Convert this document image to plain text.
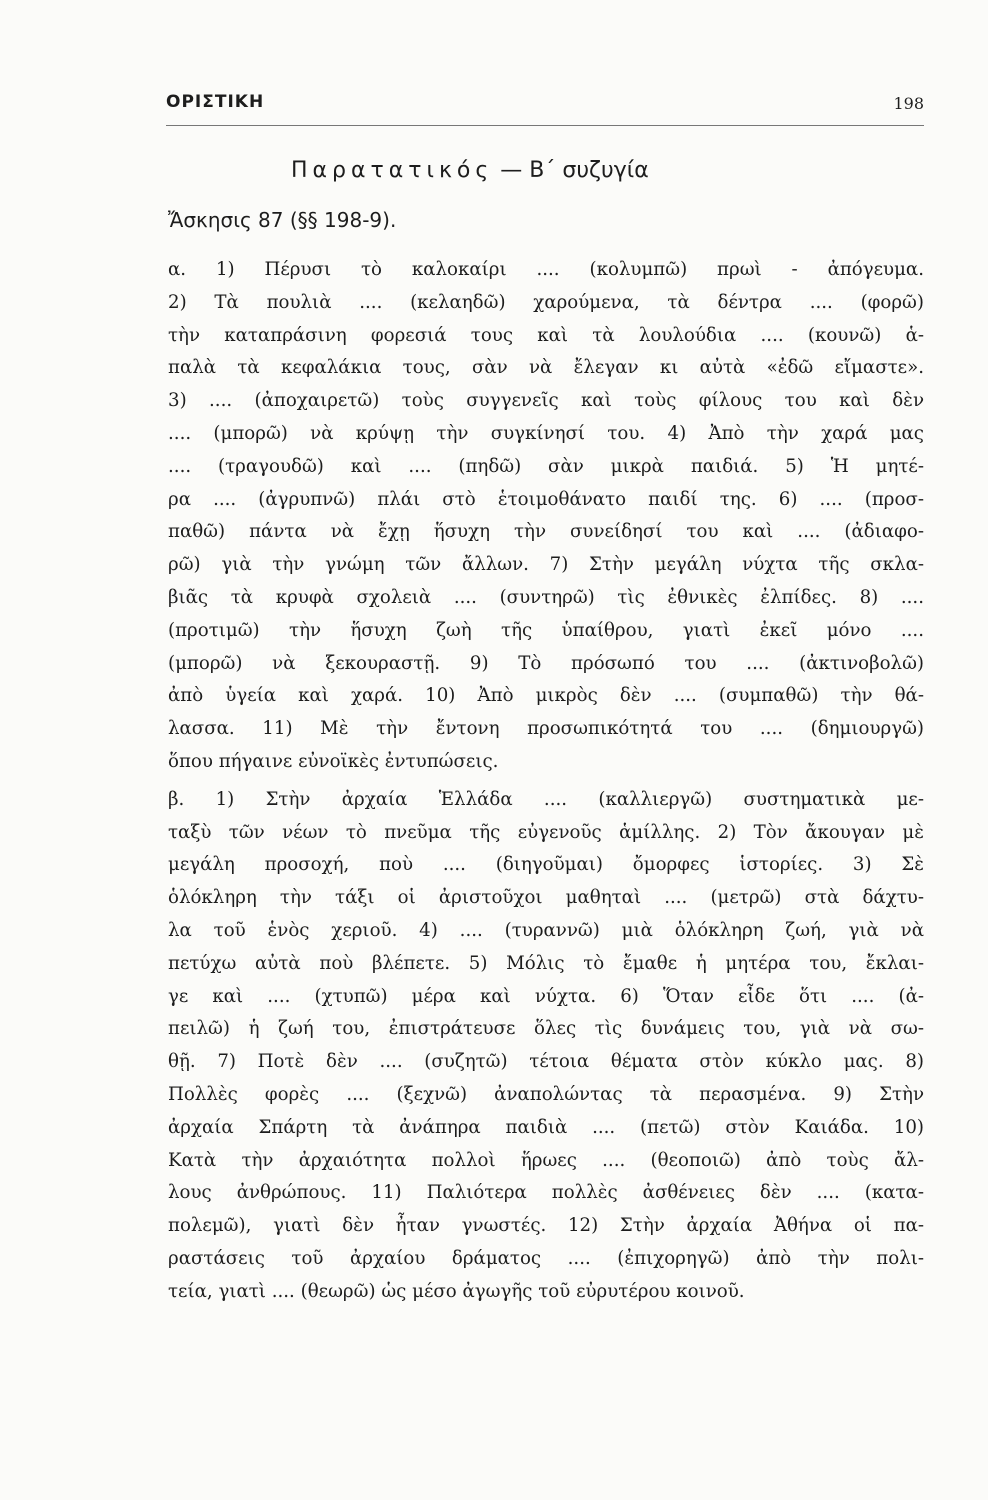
ΟΡΙΣΤΙΚΗ	198
Παρατατικός — Β΄ συζυγία
Ἄσκησις 87 (§§ 198-9).
α. 1) Πέρυσι τὸ καλοκαίρι .... (κολυμπῶ) πρωὶ - ἀπόγευμα.
2) Τὰ πουλιὰ .... (κελαηδῶ) χαρούμενα, τὰ δέντρα .... (φορῶ)
τὴν καταπράσινη φορεσιά τους καὶ τὰ λουλούδια .... (κουνῶ) ἁ-
παλὰ τὰ κεφαλάκια τους, σὰν νὰ ἔλεγαν κι αὐτὰ «ἐδῶ εἴμαστε».
3) .... (ἀποχαιρετῶ) τοὺς συγγενεῖς καὶ τοὺς φίλους του καὶ δὲν
.... (μπορῶ) νὰ κρύψῃ τὴν συγκίνησί του. 4) Ἀπὸ τὴν χαρά μας
.... (τραγουδῶ) καὶ .... (πηδῶ) σὰν μικρὰ παιδιά. 5) Ἡ μητέ-
ρα .... (ἀγρυπνῶ) πλάι στὸ ἑτοιμοθάνατο παιδί της. 6) .... (προσ-
παθῶ) πάντα νὰ ἔχῃ ἥσυχη τὴν συνείδησί του καὶ .... (ἀδιαφο-
ρῶ) γιὰ τὴν γνώμη τῶν ἄλλων. 7) Στὴν μεγάλη νύχτα τῆς σκλα-
βιᾶς τὰ κρυφὰ σχολειὰ .... (συντηρῶ) τὶς ἐθνικὲς ἐλπίδες. 8) ....
(προτιμῶ) τὴν ἥσυχη ζωὴ τῆς ὑπαίθρου, γιατὶ ἐκεῖ μόνο ....
(μπορῶ) νὰ ξεκουραστῇ. 9) Τὸ πρόσωπό του .... (ἀκτινοβολῶ)
ἀπὸ ὑγεία καὶ χαρά. 10) Ἀπὸ μικρὸς δὲν .... (συμπαθῶ) τὴν θά-
λασσα. 11) Μὲ τὴν ἔντονη προσωπικότητά του .... (δημιουργῶ)
ὅπου πήγαινε εὐνοϊκὲς ἐντυπώσεις.
β. 1) Στὴν ἀρχαία Ἑλλάδα .... (καλλιεργῶ) συστηματικὰ με-
ταξὺ τῶν νέων τὸ πνεῦμα τῆς εὐγενοῦς ἁμίλλης. 2) Τὸν ἄκουγαν μὲ
μεγάλη προσοχή, ποὺ .... (διηγοῦμαι) ὄμορφες ἱστορίες. 3) Σὲ
ὁλόκληρη τὴν τάξι οἱ ἀριστοῦχοι μαθηταὶ .... (μετρῶ) στὰ δάχτυ-
λα τοῦ ἑνὸς χεριοῦ. 4) .... (τυραννῶ) μιὰ ὁλόκληρη ζωή, γιὰ νὰ
πετύχω αὐτὰ ποὺ βλέπετε. 5) Μόλις τὸ ἔμαθε ἡ μητέρα του, ἔκλαι-
γε καὶ .... (χτυπῶ) μέρα καὶ νύχτα. 6) Ὅταν εἶδε ὅτι .... (ἀ-
πειλῶ) ἡ ζωή του, ἐπιστράτευσε ὅλες τὶς δυνάμεις του, γιὰ νὰ σω-
θῇ. 7) Ποτὲ δὲν .... (συζητῶ) τέτοια θέματα στὸν κύκλο μας. 8)
Πολλὲς φορὲς .... (ξεχνῶ) ἀναπολώντας τὰ περασμένα. 9) Στὴν
ἀρχαία Σπάρτη τὰ ἀνάπηρα παιδιὰ .... (πετῶ) στὸν Καιάδα. 10)
Κατὰ τὴν ἀρχαιότητα πολλοὶ ἥρωες .... (θεοποιῶ) ἀπὸ τοὺς ἄλ-
λους ἀνθρώπους. 11) Παλιότερα πολλὲς ἀσθένειες δὲν .... (κατα-
πολεμῶ), γιατὶ δὲν ἦταν γνωστές. 12) Στὴν ἀρχαία Ἀθήνα οἱ πα-
ραστάσεις τοῦ ἀρχαίου δράματος .... (ἐπιχορηγῶ) ἀπὸ τὴν πολι-
τεία, γιατὶ .... (θεωρῶ) ὡς μέσο ἀγωγῆς τοῦ εὐρυτέρου κοινοῦ.
